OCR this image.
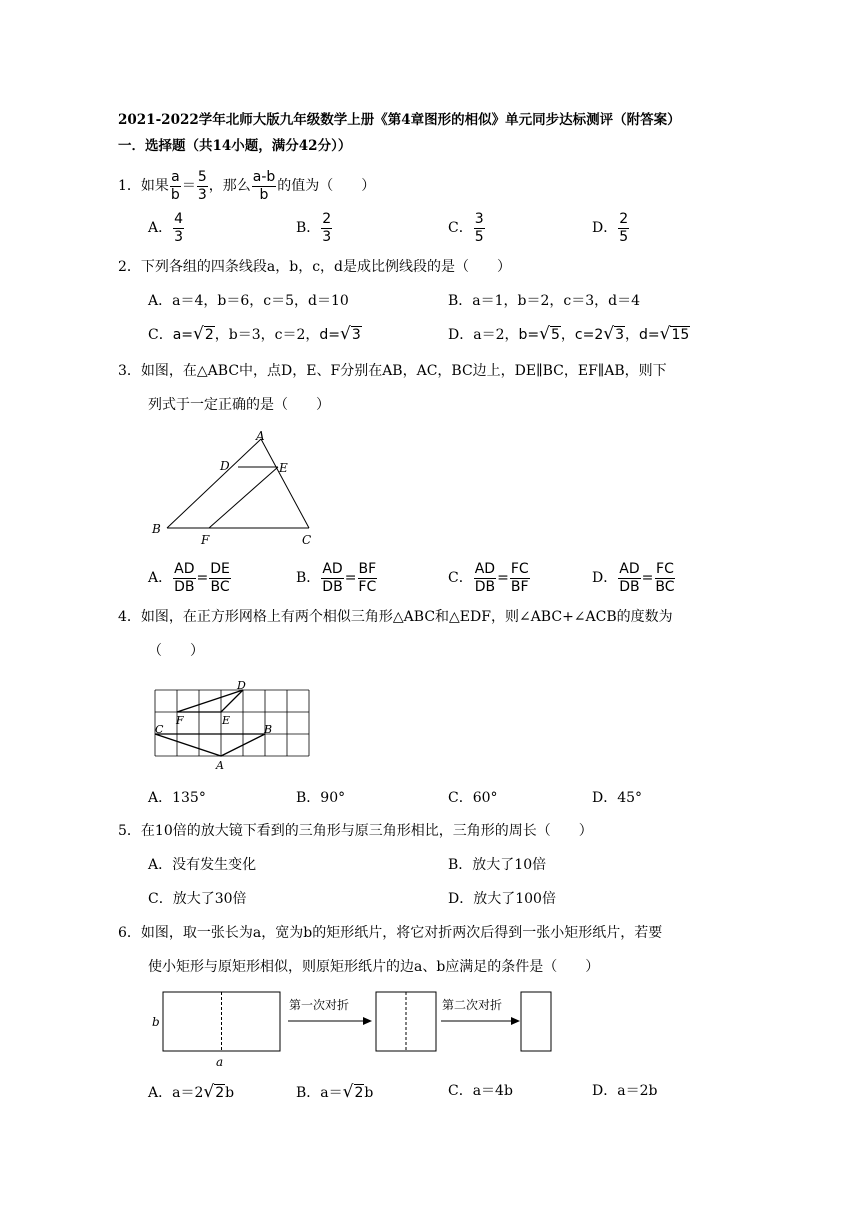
2021-2022学年北师大版九年级数学上册《第4章图形的相似》单元同步达标测评（附答案）
一．选择题（共14小题，满分42分））
1．如果 $\frac{a}{b} = \frac{5}{3}$ ，那么 $\frac{a-b}{b}$ 的值为（　　）
A． $\frac{4}{3}$	B． $\frac{2}{3}$	C． $\frac{3}{5}$	D． $\frac{2}{5}$
2．下列各组的四条线段a，b，c，d是成比例线段的是（　　）
A．a＝4，b＝6，c＝5，d＝10	B．a＝1，b＝2，c＝3，d＝4
C．a=√2，b＝3，c＝2，d=√3	D．a＝2，b=√5，c=2√3，d=√15
3．如图，在△ABC中，点D，E、F分别在AB，AC，BC边上，DE∥BC，EF∥AB，则下
列式于一定正确的是（　　）
A
D	E
B
F	C
A． $\frac{AD}{DB} = \frac{DE}{BC}$	B． $\frac{AD}{DB} = \frac{BF}{FC}$	C． $\frac{AD}{DB} = \frac{FC}{BF}$	D． $\frac{AD}{DB} = \frac{FC}{BC}$
4．如图，在正方形网格上有两个相似三角形△ABC和△EDF，则∠ABC+∠ACB的度数为
（　　）
D
F	E
C	B
A
A．135°	B．90°	C．60°	D．45°
5．在10倍的放大镜下看到的三角形与原三角形相比，三角形的周长（　　）
A．没有发生变化	B．放大了10倍
C．放大了30倍	D．放大了100倍
6．如图，取一张长为a，宽为b的矩形纸片，将它对折两次后得到一张小矩形纸片，若要
使小矩形与原矩形相似，则原矩形纸片的边a、b应满足的条件是（　　）
b
a
第一次对折	第二次对折
A．a＝2√2b	B．a＝√2b	C．a＝4b	D．a＝2b
